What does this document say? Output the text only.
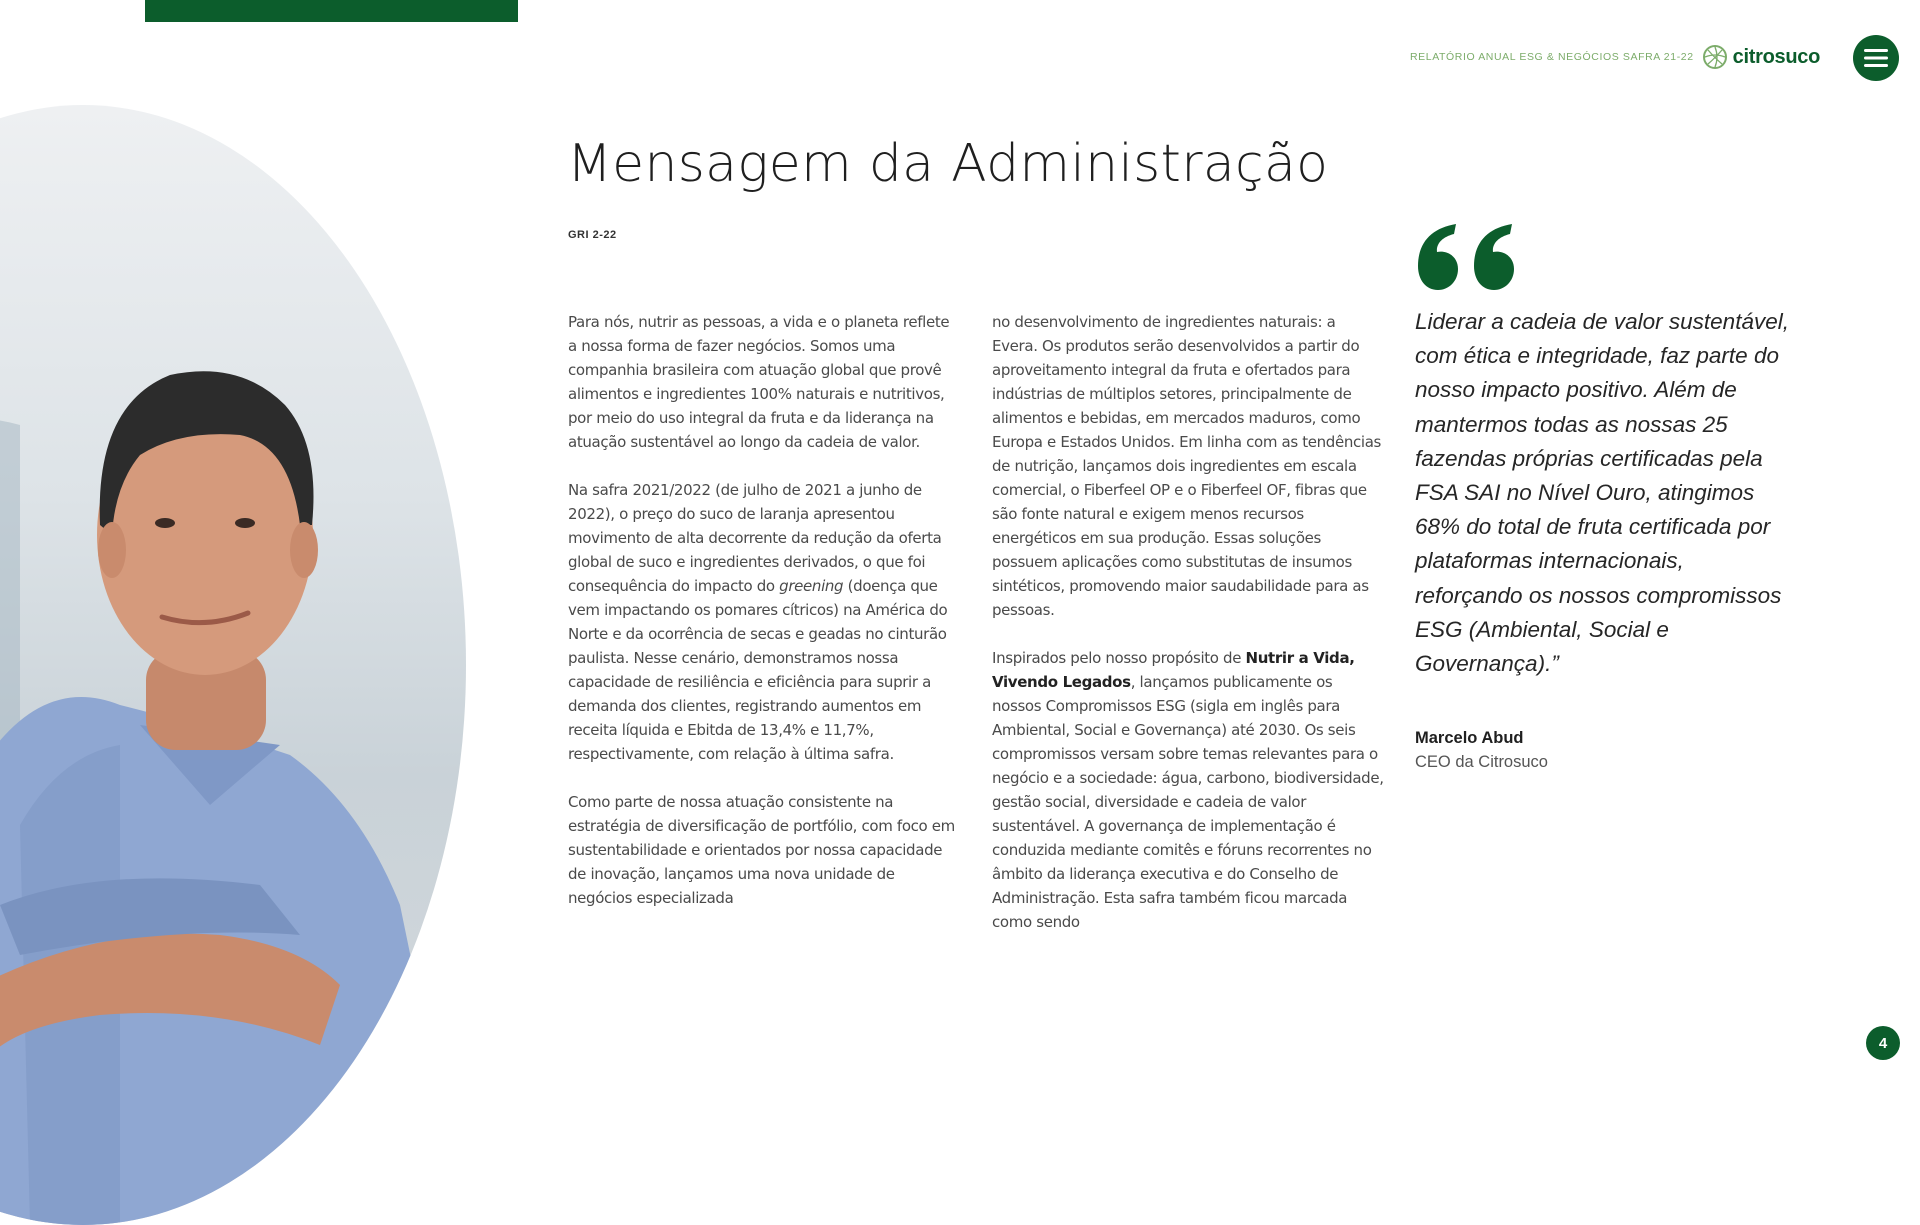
RELATÓRIO ANUAL ESG & NEGÓCIOS SAFRA 21-22 citrosuco
Mensagem da Administração
GRI 2-22

Para nós, nutrir as pessoas, a vida e o planeta reflete a nossa forma de fazer negócios. Somos uma companhia brasileira com atuação global que provê alimentos e ingredientes 100% naturais e nutritivos, por meio do uso integral da fruta e da liderança na atuação sustentável ao longo da cadeia de valor.

Na safra 2021/2022 (de julho de 2021 a junho de 2022), o preço do suco de laranja apresentou movimento de alta decorrente da redução da oferta global de suco e ingredientes derivados, o que foi consequência do impacto do greening (doença que vem impactando os pomares cítricos) na América do Norte e da ocorrência de secas e geadas no cinturão paulista. Nesse cenário, demonstramos nossa capacidade de resiliência e eficiência para suprir a demanda dos clientes, registrando aumentos em receita líquida e Ebitda de 13,4% e 11,7%, respectivamente, com relação à última safra.

Como parte de nossa atuação consistente na estratégia de diversificação de portfólio, com foco em sustentabilidade e orientados por nossa capacidade de inovação, lançamos uma nova unidade de negócios especializada

no desenvolvimento de ingredientes naturais: a Evera. Os produtos serão desenvolvidos a partir do aproveitamento integral da fruta e ofertados para indústrias de múltiplos setores, principalmente de alimentos e bebidas, em mercados maduros, como Europa e Estados Unidos. Em linha com as tendências de nutrição, lançamos dois ingredientes em escala comercial, o Fiberfeel OP e o Fiberfeel OF, fibras que são fonte natural e exigem menos recursos energéticos em sua produção. Essas soluções possuem aplicações como substitutas de insumos sintéticos, promovendo maior saudabilidade para as pessoas.

Inspirados pelo nosso propósito de Nutrir a Vida, Vivendo Legados, lançamos publicamente os nossos Compromissos ESG (sigla em inglês para Ambiental, Social e Governança) até 2030. Os seis compromissos versam sobre temas relevantes para o negócio e a sociedade: água, carbono, biodiversidade, gestão social, diversidade e cadeia de valor sustentável. A governança de implementação é conduzida mediante comitês e fóruns recorrentes no âmbito da liderança executiva e do Conselho de Administração. Esta safra também ficou marcada como sendo

Liderar a cadeia de valor sustentável, com ética e integridade, faz parte do nosso impacto positivo. Além de mantermos todas as nossas 25 fazendas próprias certificadas pela FSA SAI no Nível Ouro, atingimos 68% do total de fruta certificada por plataformas internacionais, reforçando os nossos compromissos ESG (Ambiental, Social e Governança).”

Marcelo Abud
CEO da Citrosuco
4
